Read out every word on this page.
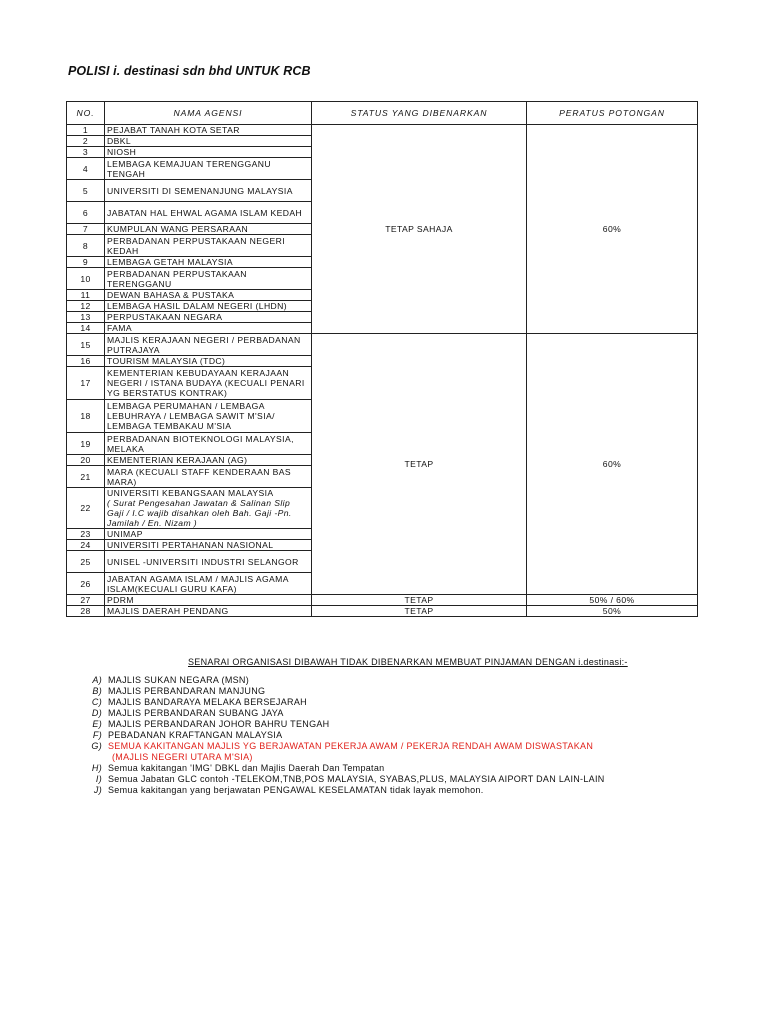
POLISI i. destinasi sdn bhd UNTUK RCB
NO.	NAMA AGENSI	STATUS YANG DIBENARKAN	PERATUS POTONGAN
1	PEJABAT TANAH KOTA SETAR	TETAP SAHAJA	60%
2	DBKL		
3	NIOSH		
4	LEMBAGA KEMAJUAN TERENGGANU TENGAH		
5	UNIVERSITI DI SEMENANJUNG MALAYSIA		
6	JABATAN HAL EHWAL AGAMA ISLAM KEDAH		
7	KUMPULAN WANG PERSARAAN		
8	PERBADANAN PERPUSTAKAAN NEGERI KEDAH		
9	LEMBAGA GETAH MALAYSIA		
10	PERBADANAN PERPUSTAKAAN TERENGGANU		
11	DEWAN BAHASA & PUSTAKA		
12	LEMBAGA HASIL DALAM NEGERI (LHDN)		
13	PERPUSTAKAAN NEGARA		
14	FAMA		
15	MAJLIS KERAJAAN NEGERI / PERBADANAN PUTRAJAYA	TETAP	60%
16	TOURISM MALAYSIA (TDC)		
17	KEMENTERIAN KEBUDAYAAN KERAJAAN NEGERI / ISTANA BUDAYA (KECUALI PENARI YG BERSTATUS KONTRAK)		
18	LEMBAGA PERUMAHAN / LEMBAGA LEBUHRAYA / LEMBAGA SAWIT M'SIA/ LEMBAGA TEMBAKAU M'SIA		
19	PERBADANAN BIOTEKNOLOGI MALAYSIA, MELAKA		
20	KEMENTERIAN KERAJAAN (AG)		
21	MARA (KECUALI STAFF KENDERAAN BAS MARA)		
22	UNIVERSITI KEBANGSAAN MALAYSIA
( Surat Pengesahan Jawatan & Salinan Slip Gaji / I.C wajib disahkan oleh Bah. Gaji -Pn. Jamilah / En. Nizam )		
23	UNIMAP		
24	UNIVERSITI PERTAHANAN NASIONAL		
25	UNISEL -UNIVERSITI INDUSTRI SELANGOR		
26	JABATAN AGAMA ISLAM / MAJLIS AGAMA ISLAM(KECUALI GURU KAFA)		
27	PDRM	TETAP	50% / 60%
28	MAJLIS DAERAH PENDANG	TETAP	50%
SENARAI ORGANISASI DIBAWAH TIDAK DIBENARKAN MEMBUAT PINJAMAN DENGAN i.destinasi:-
A) MAJLIS SUKAN NEGARA (MSN)
B) MAJLIS PERBANDARAN MANJUNG
C) MAJLIS BANDARAYA MELAKA BERSEJARAH
D) MAJLIS PERBANDARAN SUBANG JAYA
E) MAJLIS PERBANDARAN JOHOR BAHRU TENGAH
F) PEBADANAN KRAFTANGAN MALAYSIA
G) SEMUA KAKITANGAN MAJLIS YG BERJAWATAN PEKERJA AWAM / PEKERJA RENDAH AWAM DISWASTAKAN
(MAJLIS NEGERI UTARA M'SIA)
H) Semua kakitangan 'IMG' DBKL dan Majlis Daerah Dan Tempatan
I) Semua Jabatan GLC contoh -TELEKOM,TNB,POS MALAYSIA, SYABAS,PLUS, MALAYSIA AIPORT DAN LAIN-LAIN
J) Semua kakitangan yang berjawatan PENGAWAL KESELAMATAN tidak layak memohon.
